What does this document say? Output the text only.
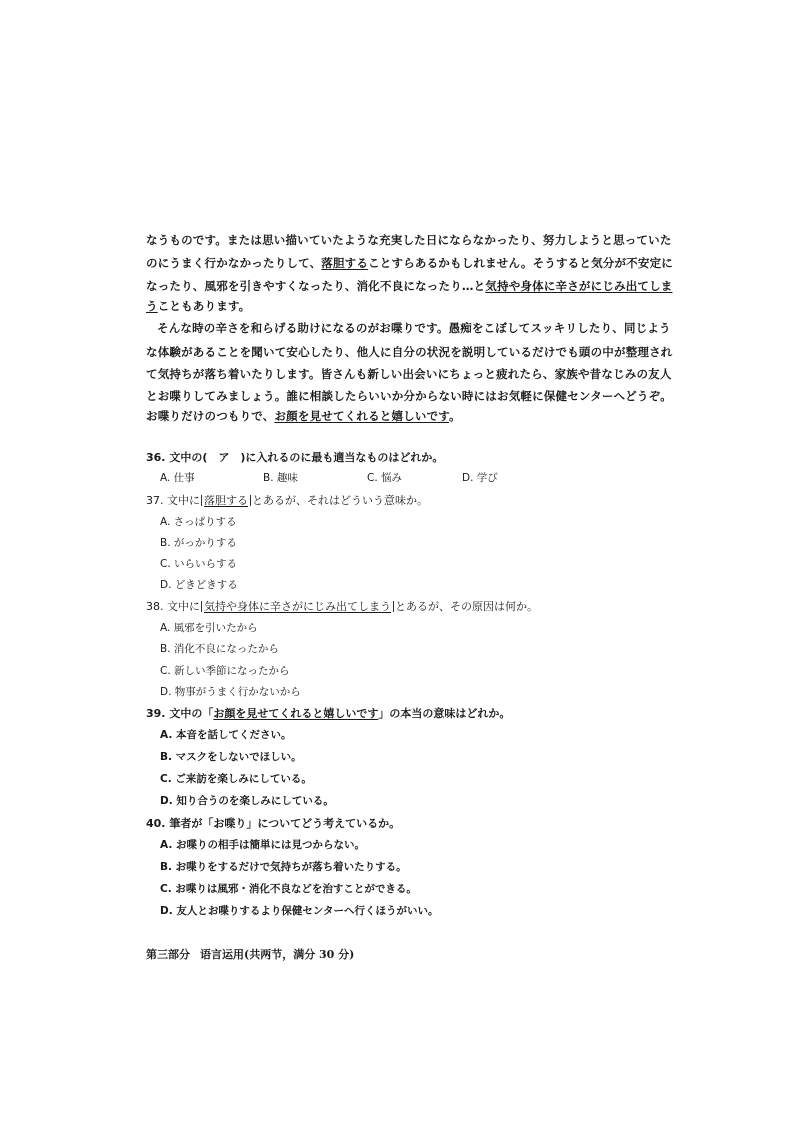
なうものです。または思い描いていたような充実した日にならなかったり、努力しようと思っていた
のにうまく行かなかったりして、落胆することすらあるかもしれません。そうすると気分が不安定に
なったり、風邪を引きやすくなったり、消化不良になったり…と気持や身体に辛さがにじみ出てしま
うこともあります。
そんな時の辛さを和らげる助けになるのがお喋りです。愚痴をこぼしてスッキリしたり、同じよう
な体験があることを聞いて安心したり、他人に自分の状況を説明しているだけでも頭の中が整理され
て気持ちが落ち着いたりします。皆さんも新しい出会いにちょっと疲れたら、家族や昔なじみの友人
とお喋りしてみましょう。誰に相談したらいいか分からない時にはお気軽に保健センターへどうぞ。
お喋りだけのつもりで、お顔を見せてくれると嬉しいです。
36. 文中の(　ア　)に入れるのに最も適当なものはどれか。
A. 仕事	B. 趣味	C. 悩み	D. 学び
37. 文中に 落胆する とあるが、それはどういう意味か。
A. さっぱりする
B. がっかりする
C. いらいらする
D. どきどきする
38. 文中に 気持や身体に辛さがにじみ出てしまう とあるが、その原因は何か。
A. 風邪を引いたから
B. 消化不良になったから
C. 新しい季節になったから
D. 物事がうまく行かないから
39. 文中の「お顔を見せてくれると嬉しいです」の本当の意味はどれか。
A. 本音を話してください。
B. マスクをしないでほしい。
C. ご来訪を楽しみにしている。
D. 知り合うのを楽しみにしている。
40. 筆者が「お喋り」についてどう考えているか。
A. お喋りの相手は簡単には見つからない。
B. お喋りをするだけで気持ちが落ち着いたりする。
C. お喋りは風邪・消化不良などを治すことができる。
D. 友人とお喋りするより保健センターへ行くほうがいい。
第三部分 语言运用(共两节，满分 30 分)
